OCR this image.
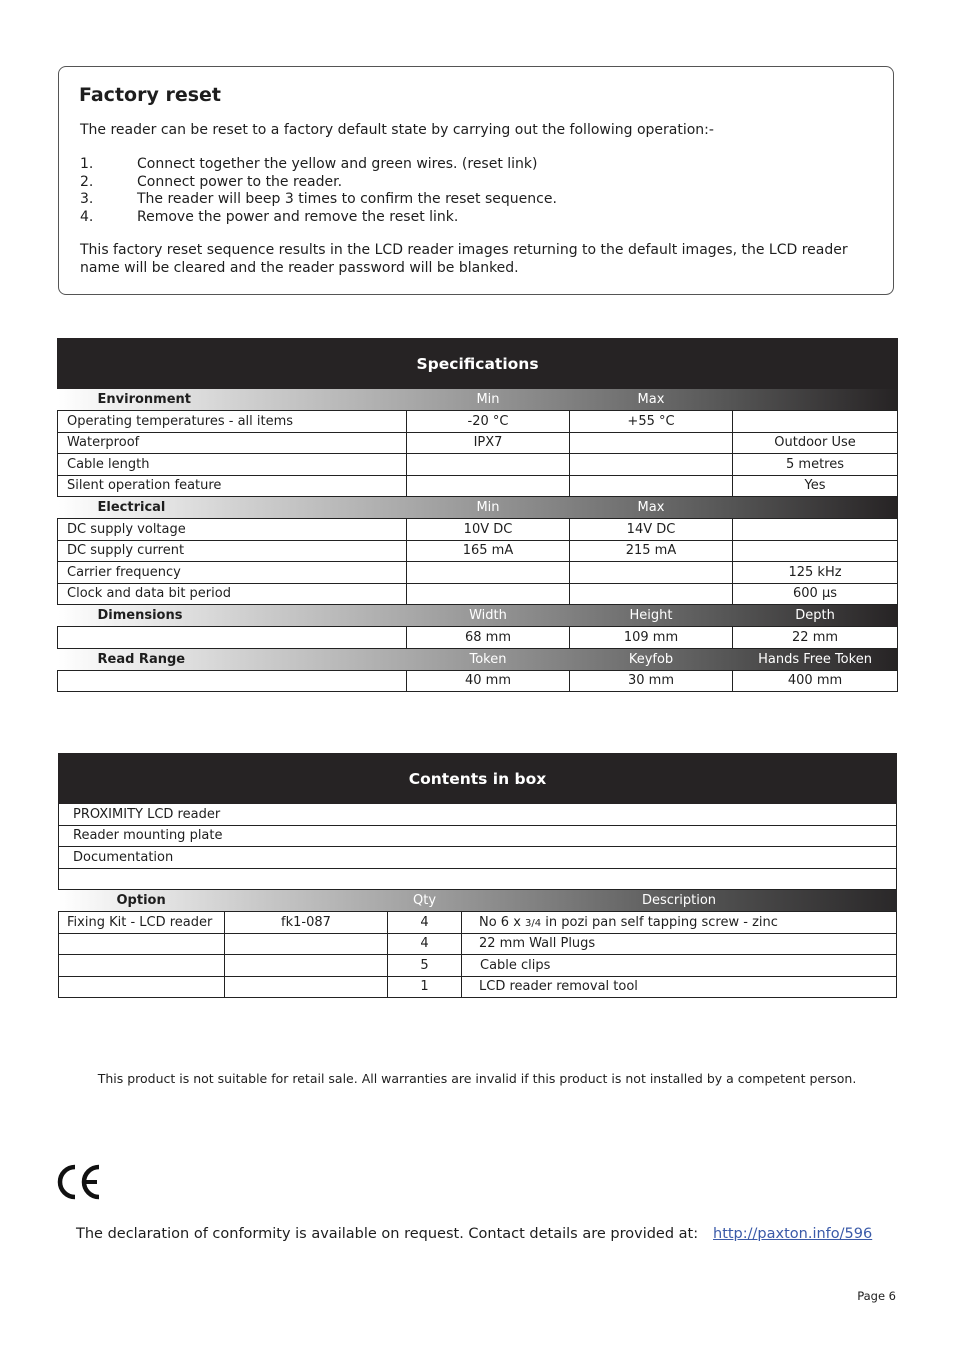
Factory reset
The reader can be reset to a factory default state by carrying out the following operation:-
1.	Connect together the yellow and green wires. (reset link)
2.	Connect power to the reader.
3.	The reader will beep 3 times to confirm the reset sequence.
4.	Remove the power and remove the reset link.
This factory reset sequence results in the LCD reader images returning to the default images, the LCD reader name will be cleared and the reader password will be blanked.
Specifications			
Environment	Min	Max	
Operating temperatures - all items	-20 °C	+55 °C	
Waterproof	IPX7		Outdoor Use
Cable length			5 metres
Silent operation feature			Yes
Electrical	Min	Max	
DC supply voltage	10V DC	14V DC	
DC supply current	165 mA	215 mA	
Carrier frequency			125 kHz
Clock and data bit period			600 µs
Dimensions	Width	Height	Depth
	68 mm	109 mm	22 mm
Read Range	Token	Keyfob	Hands Free Token
	40 mm	30 mm	400 mm
Contents in box			
PROXIMITY LCD reader			
Reader mounting plate			
Documentation			

Option		Qty	Description
Fixing Kit - LCD reader	fk1-087	4	No 6 x 3/4 in pozi pan self tapping screw - zinc
		4	22 mm Wall Plugs
		5	Cable clips
		1	LCD reader removal tool
This product is not suitable for retail sale. All warranties are invalid if this product is not installed by a competent person.
The declaration of conformity is available on request. Contact details are provided at: http://paxton.info/596
Page 6
